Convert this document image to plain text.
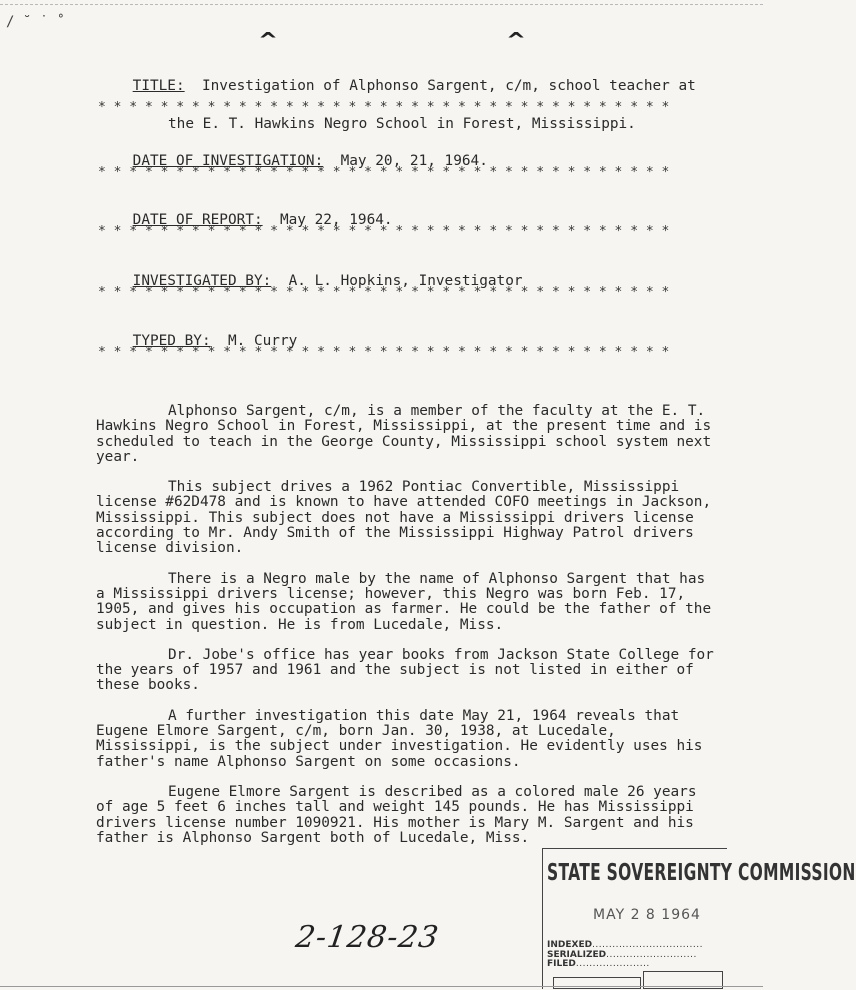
/ ˘ ˙ ˚
^	^

TITLE: Investigation of Alphonso Sargent, c/m, school teacher at

the E. T. Hawkins Negro School in Forest, Mississippi.

* * * * * * * * * * * * * * * * * * * * * * * * * * * * * * * * * * * * *

DATE OF INVESTIGATION: May 20, 21, 1964.

* * * * * * * * * * * * * * * * * * * * * * * * * * * * * * * * * * * * *

DATE OF REPORT: May 22, 1964.

* * * * * * * * * * * * * * * * * * * * * * * * * * * * * * * * * * * * *

INVESTIGATED BY: A. L. Hopkins, Investigator

* * * * * * * * * * * * * * * * * * * * * * * * * * * * * * * * * * * * *

TYPED BY: M. Curry

* * * * * * * * * * * * * * * * * * * * * * * * * * * * * * * * * * * * *

Alphonso Sargent, c/m, is a member of the faculty at the E. T. Hawkins Negro School in Forest, Mississippi, at the present time and is scheduled to teach in the George County, Mississippi school system next year.

This subject drives a 1962 Pontiac Convertible, Mississippi license #62D478 and is known to have attended COFO meetings in Jackson, Mississippi. This subject does not have a Mississippi drivers license according to Mr. Andy Smith of the Mississippi Highway Patrol drivers license division.

There is a Negro male by the name of Alphonso Sargent that has a Mississippi drivers license; however, this Negro was born Feb. 17, 1905, and gives his occupation as farmer. He could be the father of the subject in question. He is from Lucedale, Miss.

Dr. Jobe's office has year books from Jackson State College for the years of 1957 and 1961 and the subject is not listed in either of these books.

A further investigation this date May 21, 1964 reveals that Eugene Elmore Sargent, c/m, born Jan. 30, 1938, at Lucedale, Mississippi, is the subject under investigation. He evidently uses his father's name Alphonso Sargent on some occasions.

Eugene Elmore Sargent is described as a colored male 26 years of age 5 feet 6 inches tall and weight 145 pounds. He has Mississippi drivers license number 1090921. His mother is Mary M. Sargent and his father is Alphonso Sargent both of Lucedale, Miss.

STATE SOVEREIGNTY COMMISSION
MAY 2 8 1964
INDEXED.................................
SERIALIZED...........................
FILED......................
2-128-23
